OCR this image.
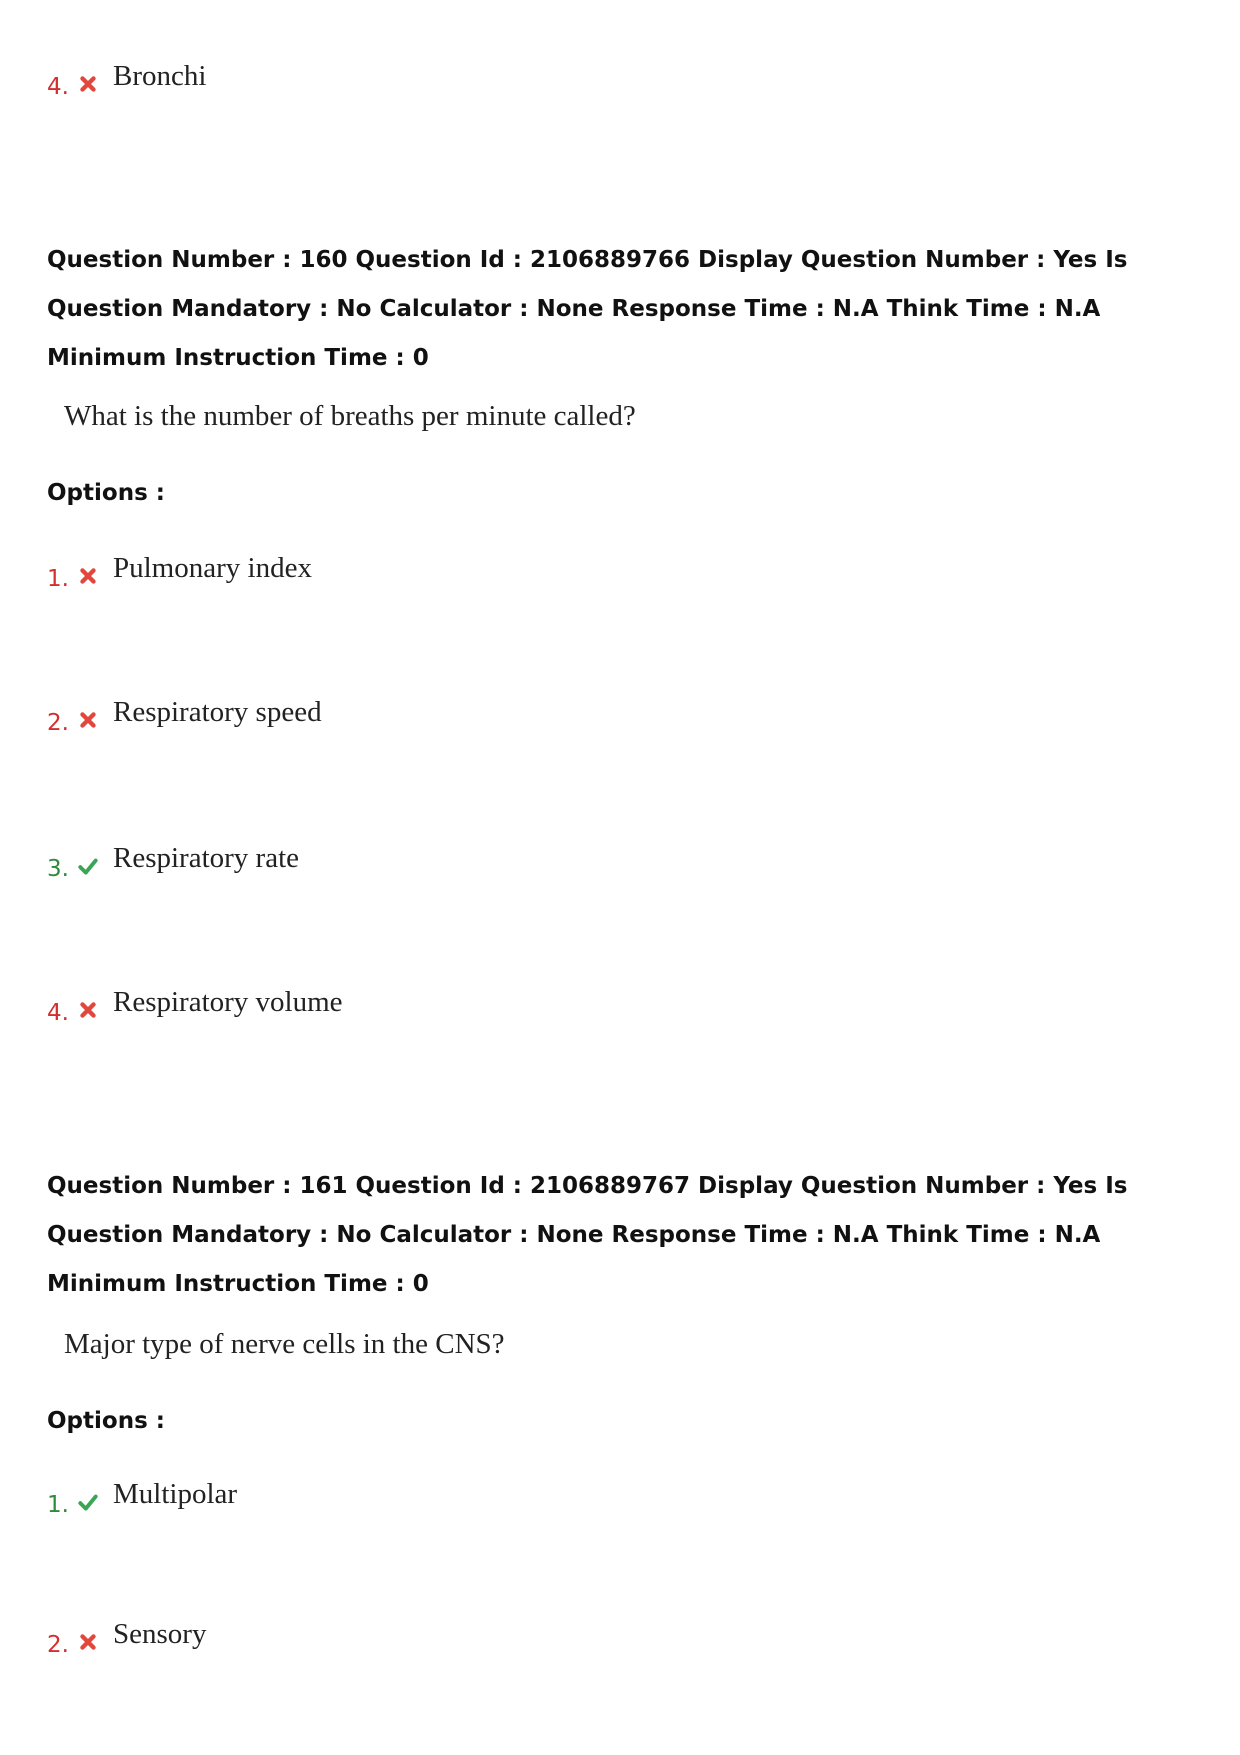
4. Bronchi
Question Number : 160 Question Id : 2106889766 Display Question Number : Yes Is Question Mandatory : No Calculator : None Response Time : N.A Think Time : N.A Minimum Instruction Time : 0
What is the number of breaths per minute called?
Options :
1. Pulmonary index
2. Respiratory speed
3. Respiratory rate
4. Respiratory volume
Question Number : 161 Question Id : 2106889767 Display Question Number : Yes Is Question Mandatory : No Calculator : None Response Time : N.A Think Time : N.A Minimum Instruction Time : 0
Major type of nerve cells in the CNS?
Options :
1. Multipolar
2. Sensory
